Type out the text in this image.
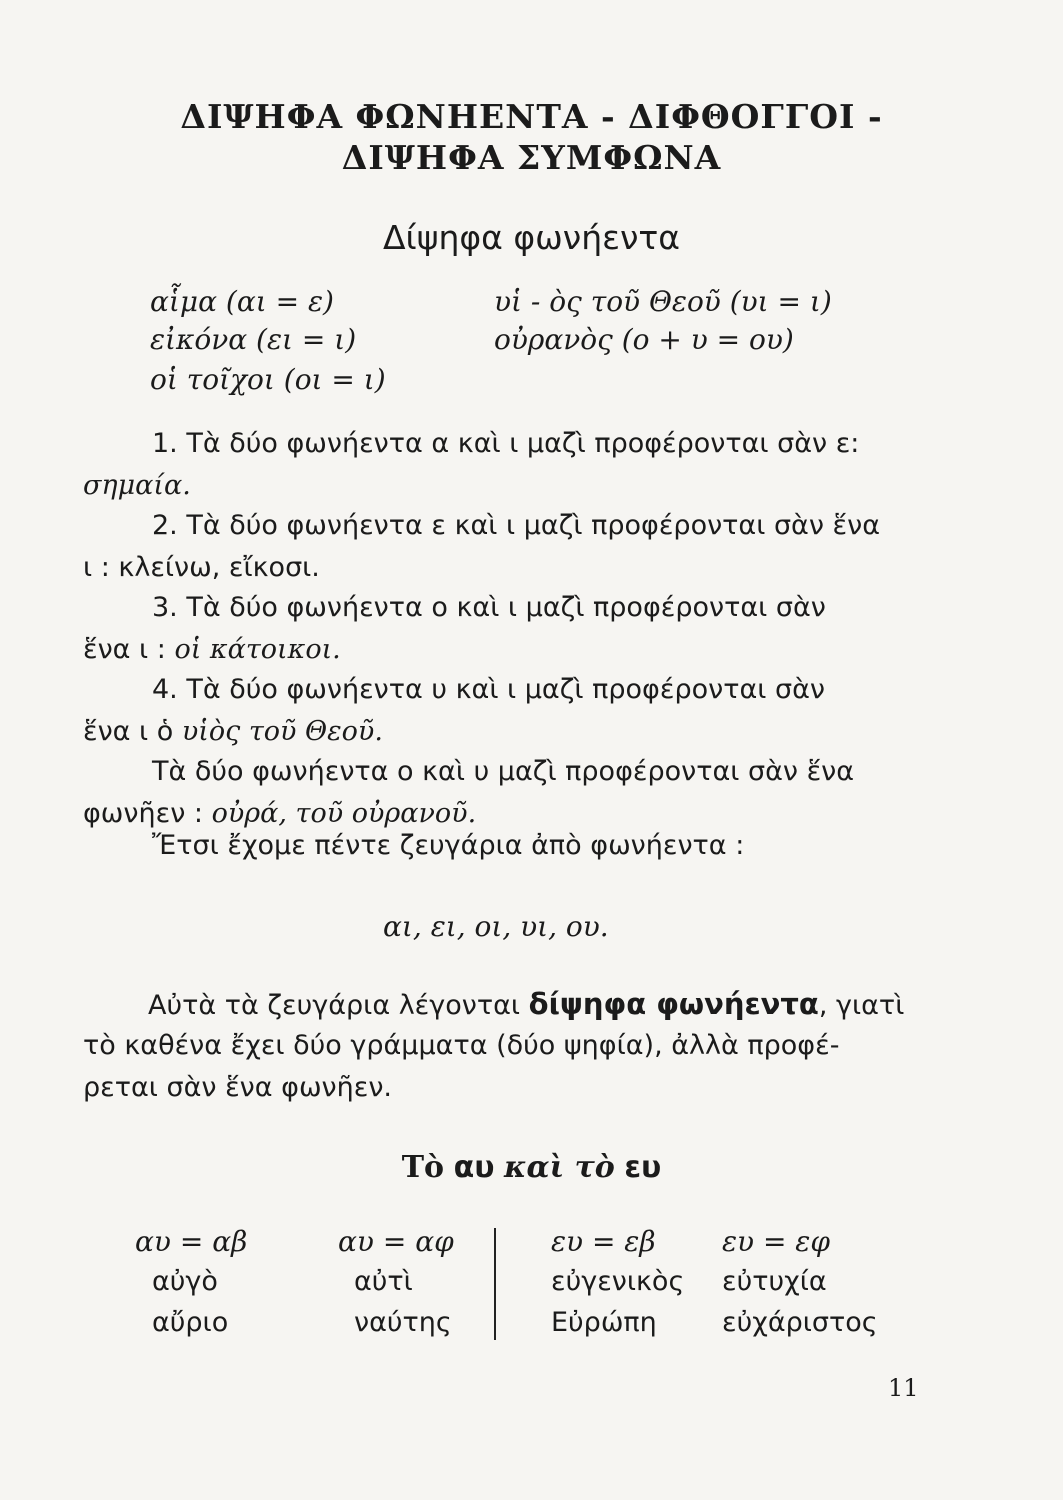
ΔΙΨΗΦΑ ΦΩΝΗΕΝΤΑ - ΔΙΦΘΟΓΓΟΙ -
ΔΙΨΗΦΑ ΣΥΜΦΩΝΑ
Δίψηφα φωνήεντα
αἷμα (αι = ε)
εἰκόνα (ει = ι)
οἱ τοῖχοι (οι = ι)
υἱ - ὸς τοῦ Θεοῦ (υι = ι)
οὐρανὸς (ο + υ = ου)
1. Τὰ δύο φωνήεντα α καὶ ι μαζὶ προφέρονται σὰν ε:
σημαία.
2. Τὰ δύο φωνήεντα ε καὶ ι μαζὶ προφέρονται σὰν ἕνα
ι : κλείνω, εἴκοσι.
3. Τὰ δύο φωνήεντα ο καὶ ι μαζὶ προφέρονται σὰν
ἕνα ι : οἱ κάτοικοι.
4. Τὰ δύο φωνήεντα υ καὶ ι μαζὶ προφέρονται σὰν
ἕνα ι ὁ υἱὸς τοῦ Θεοῦ.
Τὰ δύο φωνήεντα ο καὶ υ μαζὶ προφέρονται σὰν ἕνα
φωνῆεν : οὐρά, τοῦ οὐρανοῦ.
Ἔτσι ἔχομε πέντε ζευγάρια ἀπὸ φωνήεντα :
αι, ει, οι, υι, ου.
Αὐτὰ τὰ ζευγάρια λέγονται δίψηφα φωνήεντα, γιατὶ
τὸ καθένα ἔχει δύο γράμματα (δύο ψηφία), ἀλλὰ προφέ-
ρεται σὰν ἕνα φωνῆεν.
Τὸ αυ καὶ τὸ ευ
αυ = αβ	αυ = αφ	ευ = εβ ευ = εφ
αὐγὸ
αὔριο
αὐτὶ
ναύτης
εὐγενικὸς
Εὐρώπη
εὐτυχία
εὐχάριστος
11
